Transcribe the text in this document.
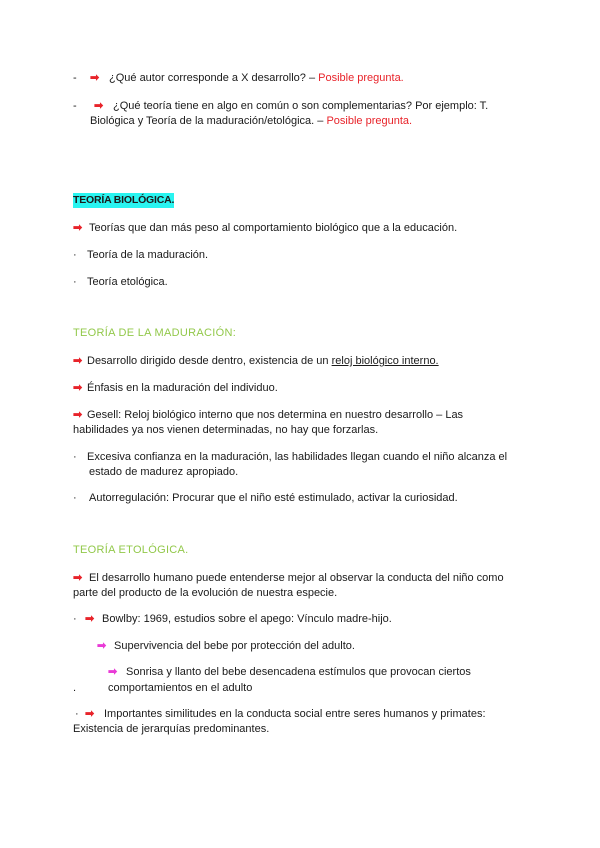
- ➡ ¿Qué autor corresponde a X desarrollo? – Posible pregunta.
- ➡ ¿Qué teoría tiene en algo en común o son complementarias? Por ejemplo: T.
Biológica y Teoría de la maduración/etológica. – Posible pregunta.
TEORÍA BIOLÓGICA.
➡ Teorías que dan más peso al comportamiento biológico que a la educación.
· Teoría de la maduración.
· Teoría etológica.
TEORÍA DE LA MADURACIÓN:
➡ Desarrollo dirigido desde dentro, existencia de un reloj biológico interno.
➡ Énfasis en la maduración del individuo.
➡ Gesell: Reloj biológico interno que nos determina en nuestro desarrollo – Las
habilidades ya nos vienen determinadas, no hay que forzarlas.
· Excesiva confianza en la maduración, las habilidades llegan cuando el niño alcanza el
estado de madurez apropiado.
· Autorregulación: Procurar que el niño esté estimulado, activar la curiosidad.
TEORÍA ETOLÓGICA.
➡ El desarrollo humano puede entenderse mejor al observar la conducta del niño como
parte del producto de la evolución de nuestra especie.
· ➡ Bowlby: 1969, estudios sobre el apego: Vínculo madre-hijo.
➡ Supervivencia del bebe por protección del adulto.
➡ Sonrisa y llanto del bebe desencadena estímulos que provocan ciertos
.	comportamientos en el adulto
· ➡ Importantes similitudes en la conducta social entre seres humanos y primates:
Existencia de jerarquías predominantes.
